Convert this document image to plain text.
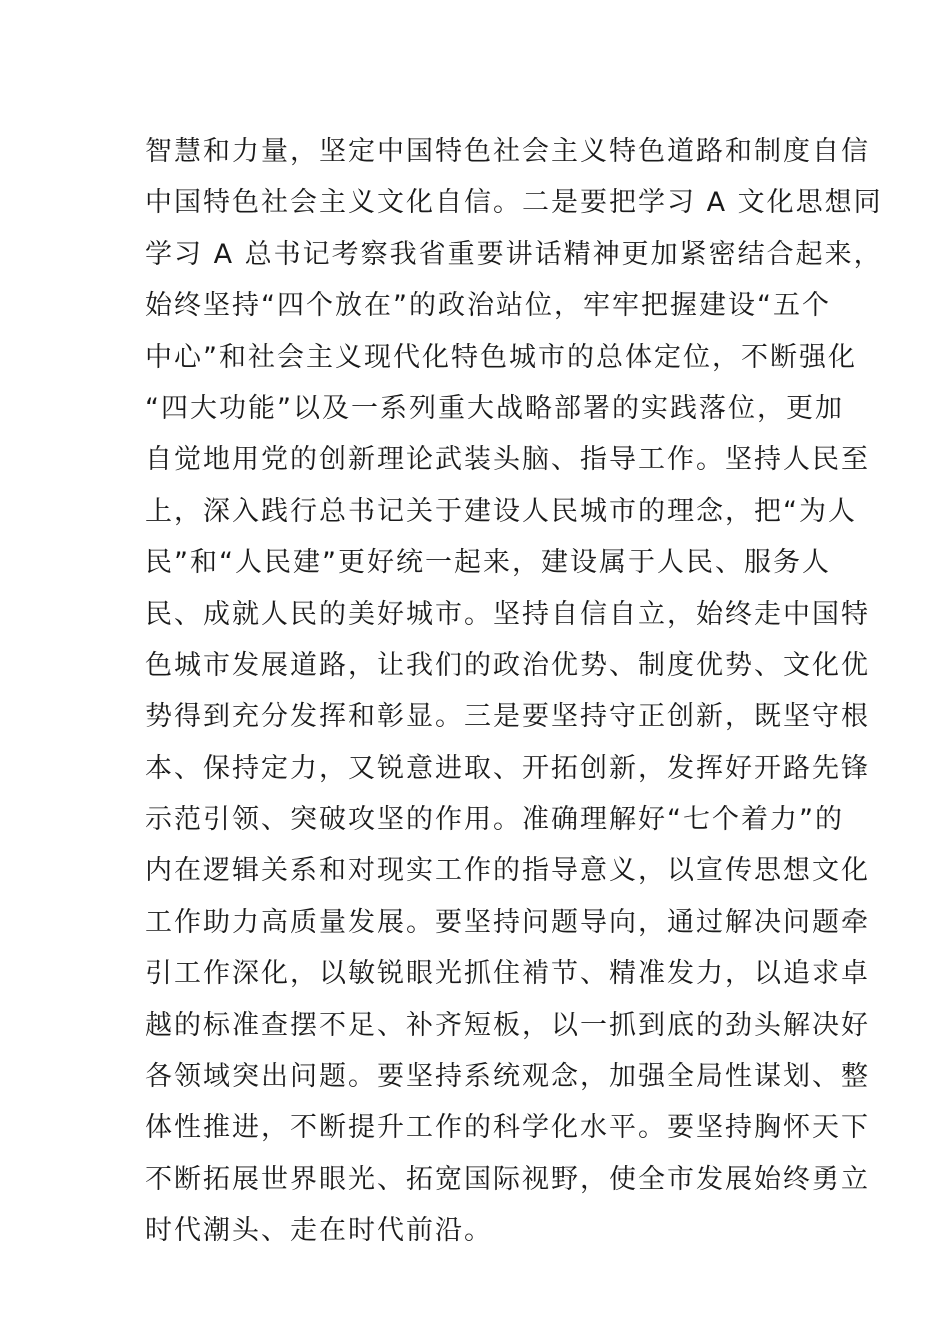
智慧和力量，坚定中国特色社会主义特色道路和制度自信
中国特色社会主义文化自信。二是要把学习 A 文化思想同
学习 A 总书记考察我省重要讲话精神更加紧密结合起来，
始终坚持“四个放在”的政治站位，牢牢把握建设“五个
中心”和社会主义现代化特色城市的总体定位，不断强化
“四大功能”以及一系列重大战略部署的实践落位，更加
自觉地用党的创新理论武装头脑、指导工作。坚持人民至
上，深入践行总书记关于建设人民城市的理念，把“为人
民”和“人民建”更好统一起来，建设属于人民、服务人
民、成就人民的美好城市。坚持自信自立，始终走中国特
色城市发展道路，让我们的政治优势、制度优势、文化优
势得到充分发挥和彰显。三是要坚持守正创新，既坚守根
本、保持定力，又锐意进取、开拓创新，发挥好开路先锋
示范引领、突破攻坚的作用。准确理解好“七个着力”的
内在逻辑关系和对现实工作的指导意义，以宣传思想文化
工作助力高质量发展。要坚持问题导向，通过解决问题牵
引工作深化，以敏锐眼光抓住褃节、精准发力，以追求卓
越的标准查摆不足、补齐短板，以一抓到底的劲头解决好
各领域突出问题。要坚持系统观念，加强全局性谋划、整
体性推进，不断提升工作的科学化水平。要坚持胸怀天下
不断拓展世界眼光、拓宽国际视野，使全市发展始终勇立
时代潮头、走在时代前沿。
